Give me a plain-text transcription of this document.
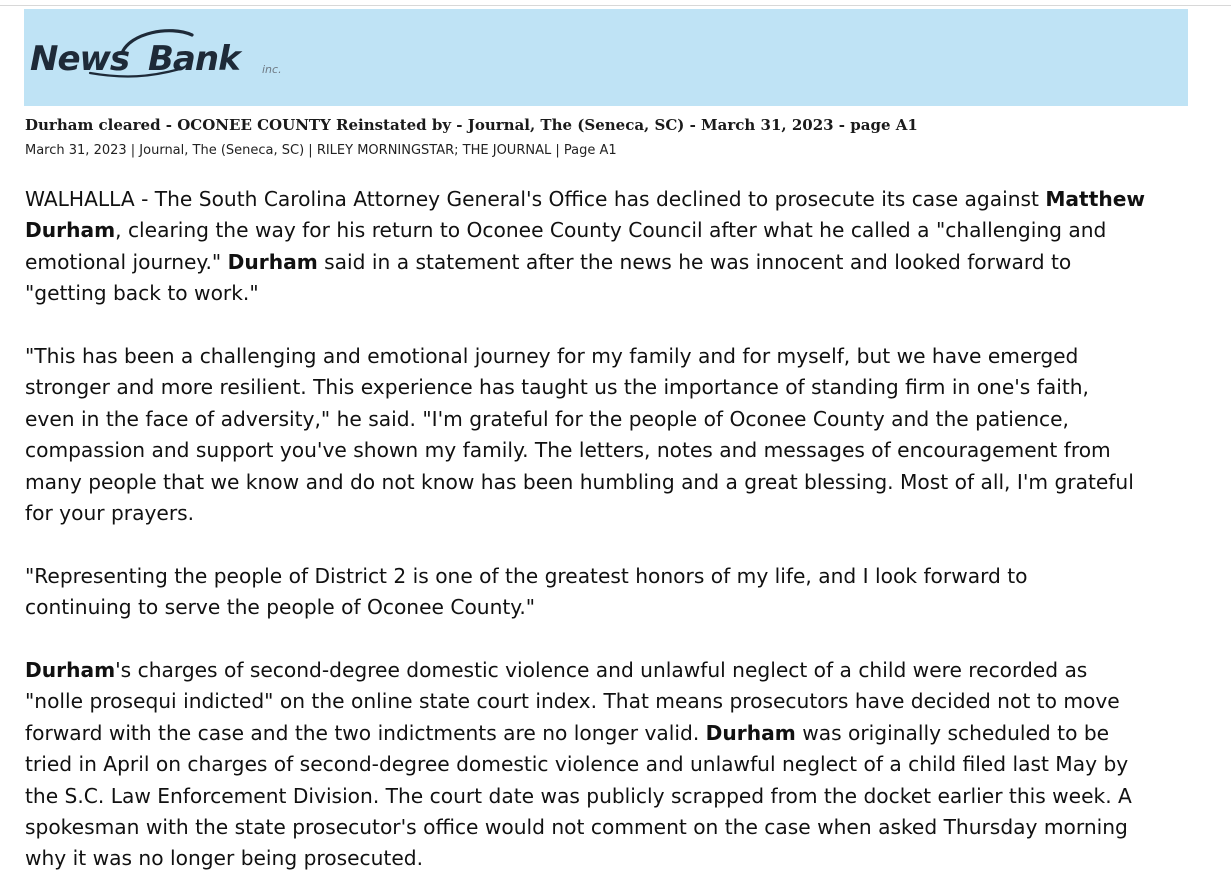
News Bank	inc.
Durham cleared - OCONEE COUNTY Reinstated by - Journal, The (Seneca, SC) - March 31, 2023 - page A1
March 31, 2023 | Journal, The (Seneca, SC) | RILEY MORNINGSTAR; THE JOURNAL | Page A1

WALHALLA - The South Carolina Attorney General's Office has declined to prosecute its case against Matthew
Durham, clearing the way for his return to Oconee County Council after what he called a "challenging and
emotional journey." Durham said in a statement after the news he was innocent and looked forward to
"getting back to work."

"This has been a challenging and emotional journey for my family and for myself, but we have emerged
stronger and more resilient. This experience has taught us the importance of standing firm in one's faith,
even in the face of adversity," he said. "I'm grateful for the people of Oconee County and the patience,
compassion and support you've shown my family. The letters, notes and messages of encouragement from
many people that we know and do not know has been humbling and a great blessing. Most of all, I'm grateful
for your prayers.

"Representing the people of District 2 is one of the greatest honors of my life, and I look forward to
continuing to serve the people of Oconee County."

Durham's charges of second-degree domestic violence and unlawful neglect of a child were recorded as
"nolle prosequi indicted" on the online state court index. That means prosecutors have decided not to move
forward with the case and the two indictments are no longer valid. Durham was originally scheduled to be
tried in April on charges of second-degree domestic violence and unlawful neglect of a child filed last May by
the S.C. Law Enforcement Division. The court date was publicly scrapped from the docket earlier this week. A
spokesman with the state prosecutor's office would not comment on the case when asked Thursday morning
why it was no longer being prosecuted.
